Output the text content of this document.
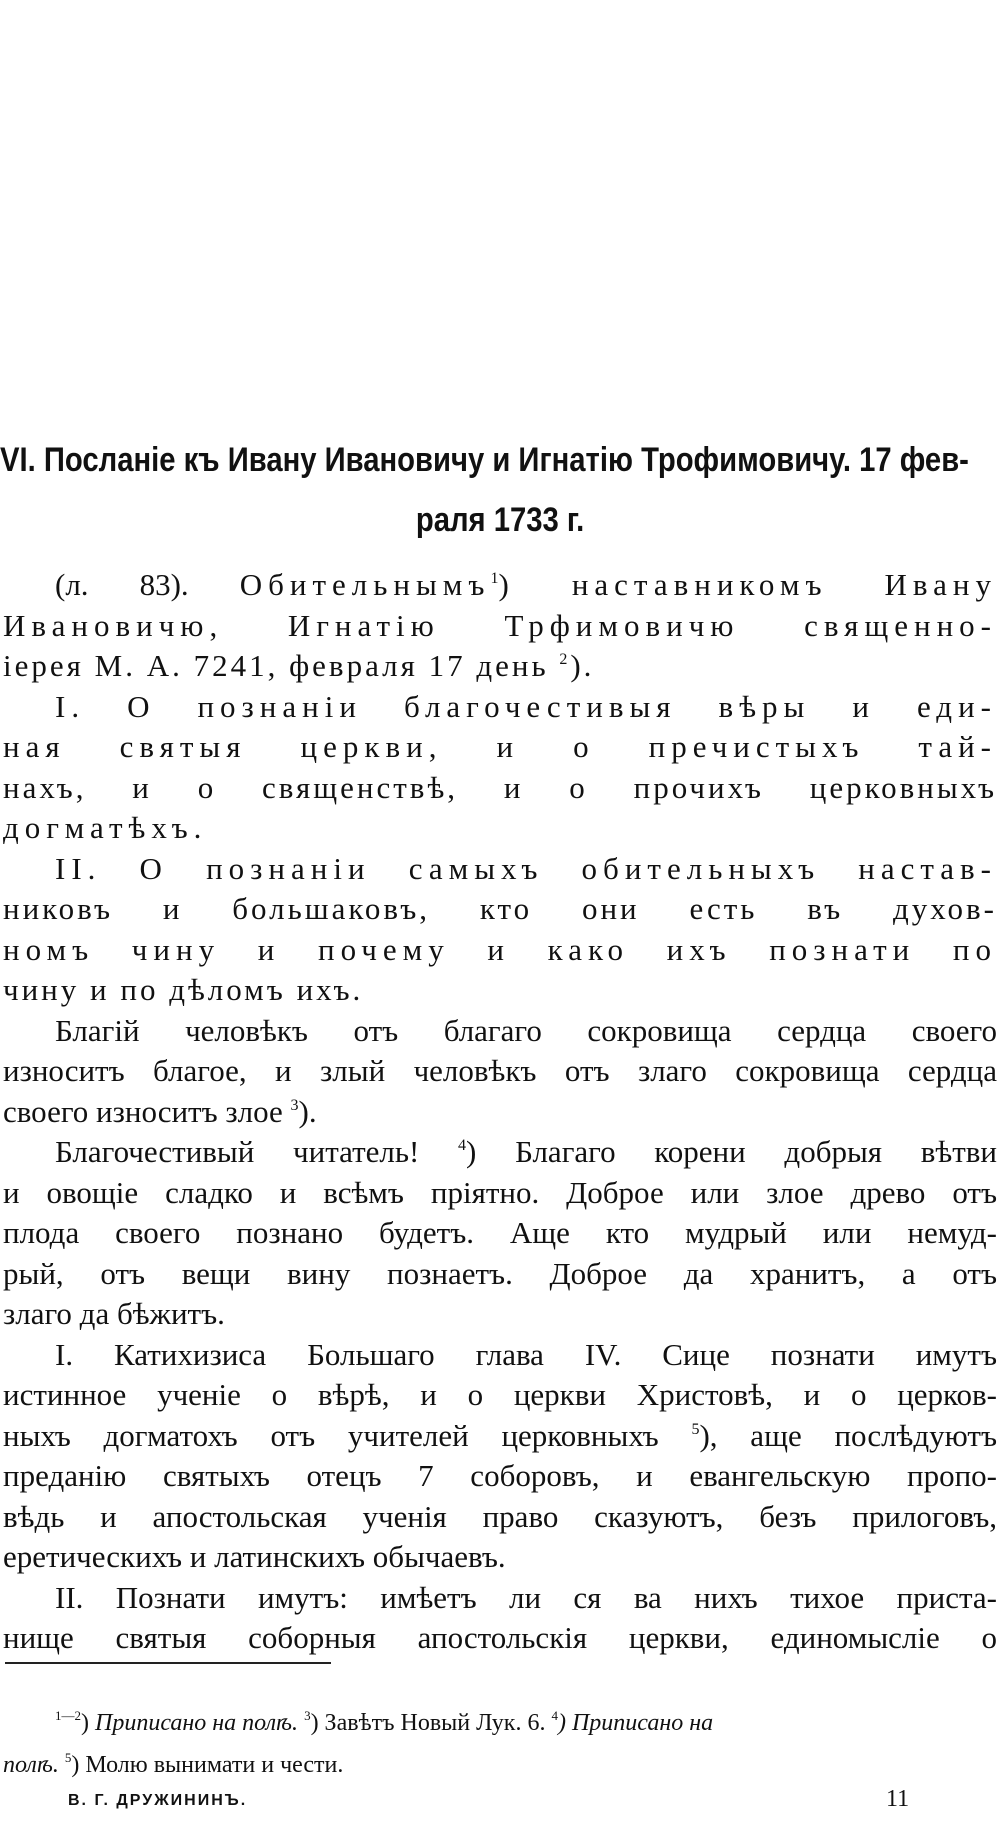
VI. Посланіе къ Ивану Ивановичу и Игнатію Трофимовичу. 17 фев-
раля 1733 г.

(л. 83). Обительнымъ$^1$) наставникомъ Ивану
Ивановичю, Игнатію Трфимовичю священно-
іерея М. А. 7241, февраля 17 день $^2$).

I. О познаніи благочестивыя вѣры и еди-
ная святыя церкви, и о пречистыхъ тай-
нахъ, и о священствѣ, и о прочихъ церковныхъ
догматѣхъ.

II. О познаніи самыхъ обительныхъ настав-
никовъ и большаковъ, кто они есть въ духов-
номъ чину и почему и како ихъ познати по
чину и по дѣломъ ихъ.

Благій человѣкъ отъ благаго сокровища сердца своего
износитъ благое, и злый человѣкъ отъ злаго сокровища сердца
своего износитъ злое $^3$).

Благочестивый читатель! $^4$) Благаго корени добрыя вѣтви
и овощіе сладко и всѣмъ пріятно. Доброе или злое древо отъ
плода своего познано будетъ. Аще кто мудрый или немуд-
рый, отъ вещи вину познаетъ. Доброе да хранитъ, а отъ
злаго да бѣжитъ.

I. Катихизиса Большаго глава IV. Сице познати имутъ
истинное ученіе о вѣрѣ, и о церкви Христовѣ, и о церков-
ныхъ догматохъ отъ учителей церковныхъ $^5$), аще послѣдуютъ
преданію святыхъ отецъ 7 соборовъ, и евангельскую пропо-
вѣдь и апостольская ученія право сказуютъ, безъ прилоговъ,
еретическихъ и латинскихъ обычаевъ.

II. Познати имутъ: имѣетъ ли ся ва нихъ тихое приста-
нище святыя соборныя апостольскія церкви, единомыслie о

$^{1—2}$) Приписано на полѣ. $^3$) Завѣтъ Новый Лук. 6. $^4$) Приписано на
полѣ. $^5$) Молю вынимати и чести.
В. Г. ДРУЖИНИНЪ.	11
